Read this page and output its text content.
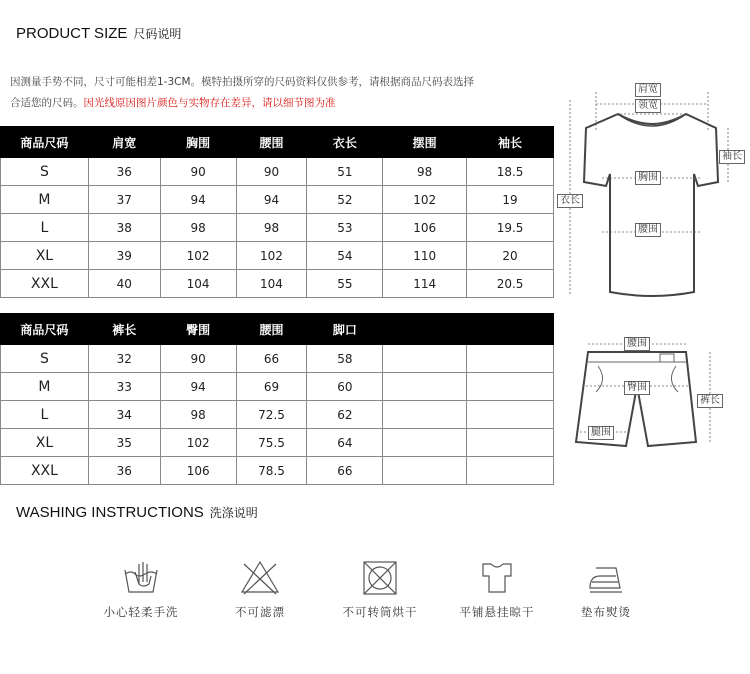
PRODUCT SIZE 尺码说明
因测量手势不同，尺寸可能相差1-3CM。模特拍摄所穿的尺码资料仅供参考，请根据商品尺码表选择
合适您的尺码。因光线原因图片颜色与实物存在差异，请以细节图为准
商品尺码	肩宽	胸围	腰围	衣长	摆围	袖长
S	36	90	90	51	98	18.5
M	37	94	94	52	102	19
L	38	98	98	53	106	19.5
XL	39	102	102	54	110	20
XXL	40	104	104	55	114	20.5
商品尺码	裤长	臀围	腰围	脚口		
S	32	90	66	58		
M	33	94	69	60		
L	34	98	72.5	62		
XL	35	102	75.5	64		
XXL	36	106	78.5	66		
肩宽
领宽
袖长
胸围
衣长
腰围
腰围
臀围
裤长
腿围
WASHING INSTRUCTIONS 洗涤说明
小心轻柔手洗	不可滤漂	不可转筒烘干	平铺悬挂晾干	垫布熨烫
